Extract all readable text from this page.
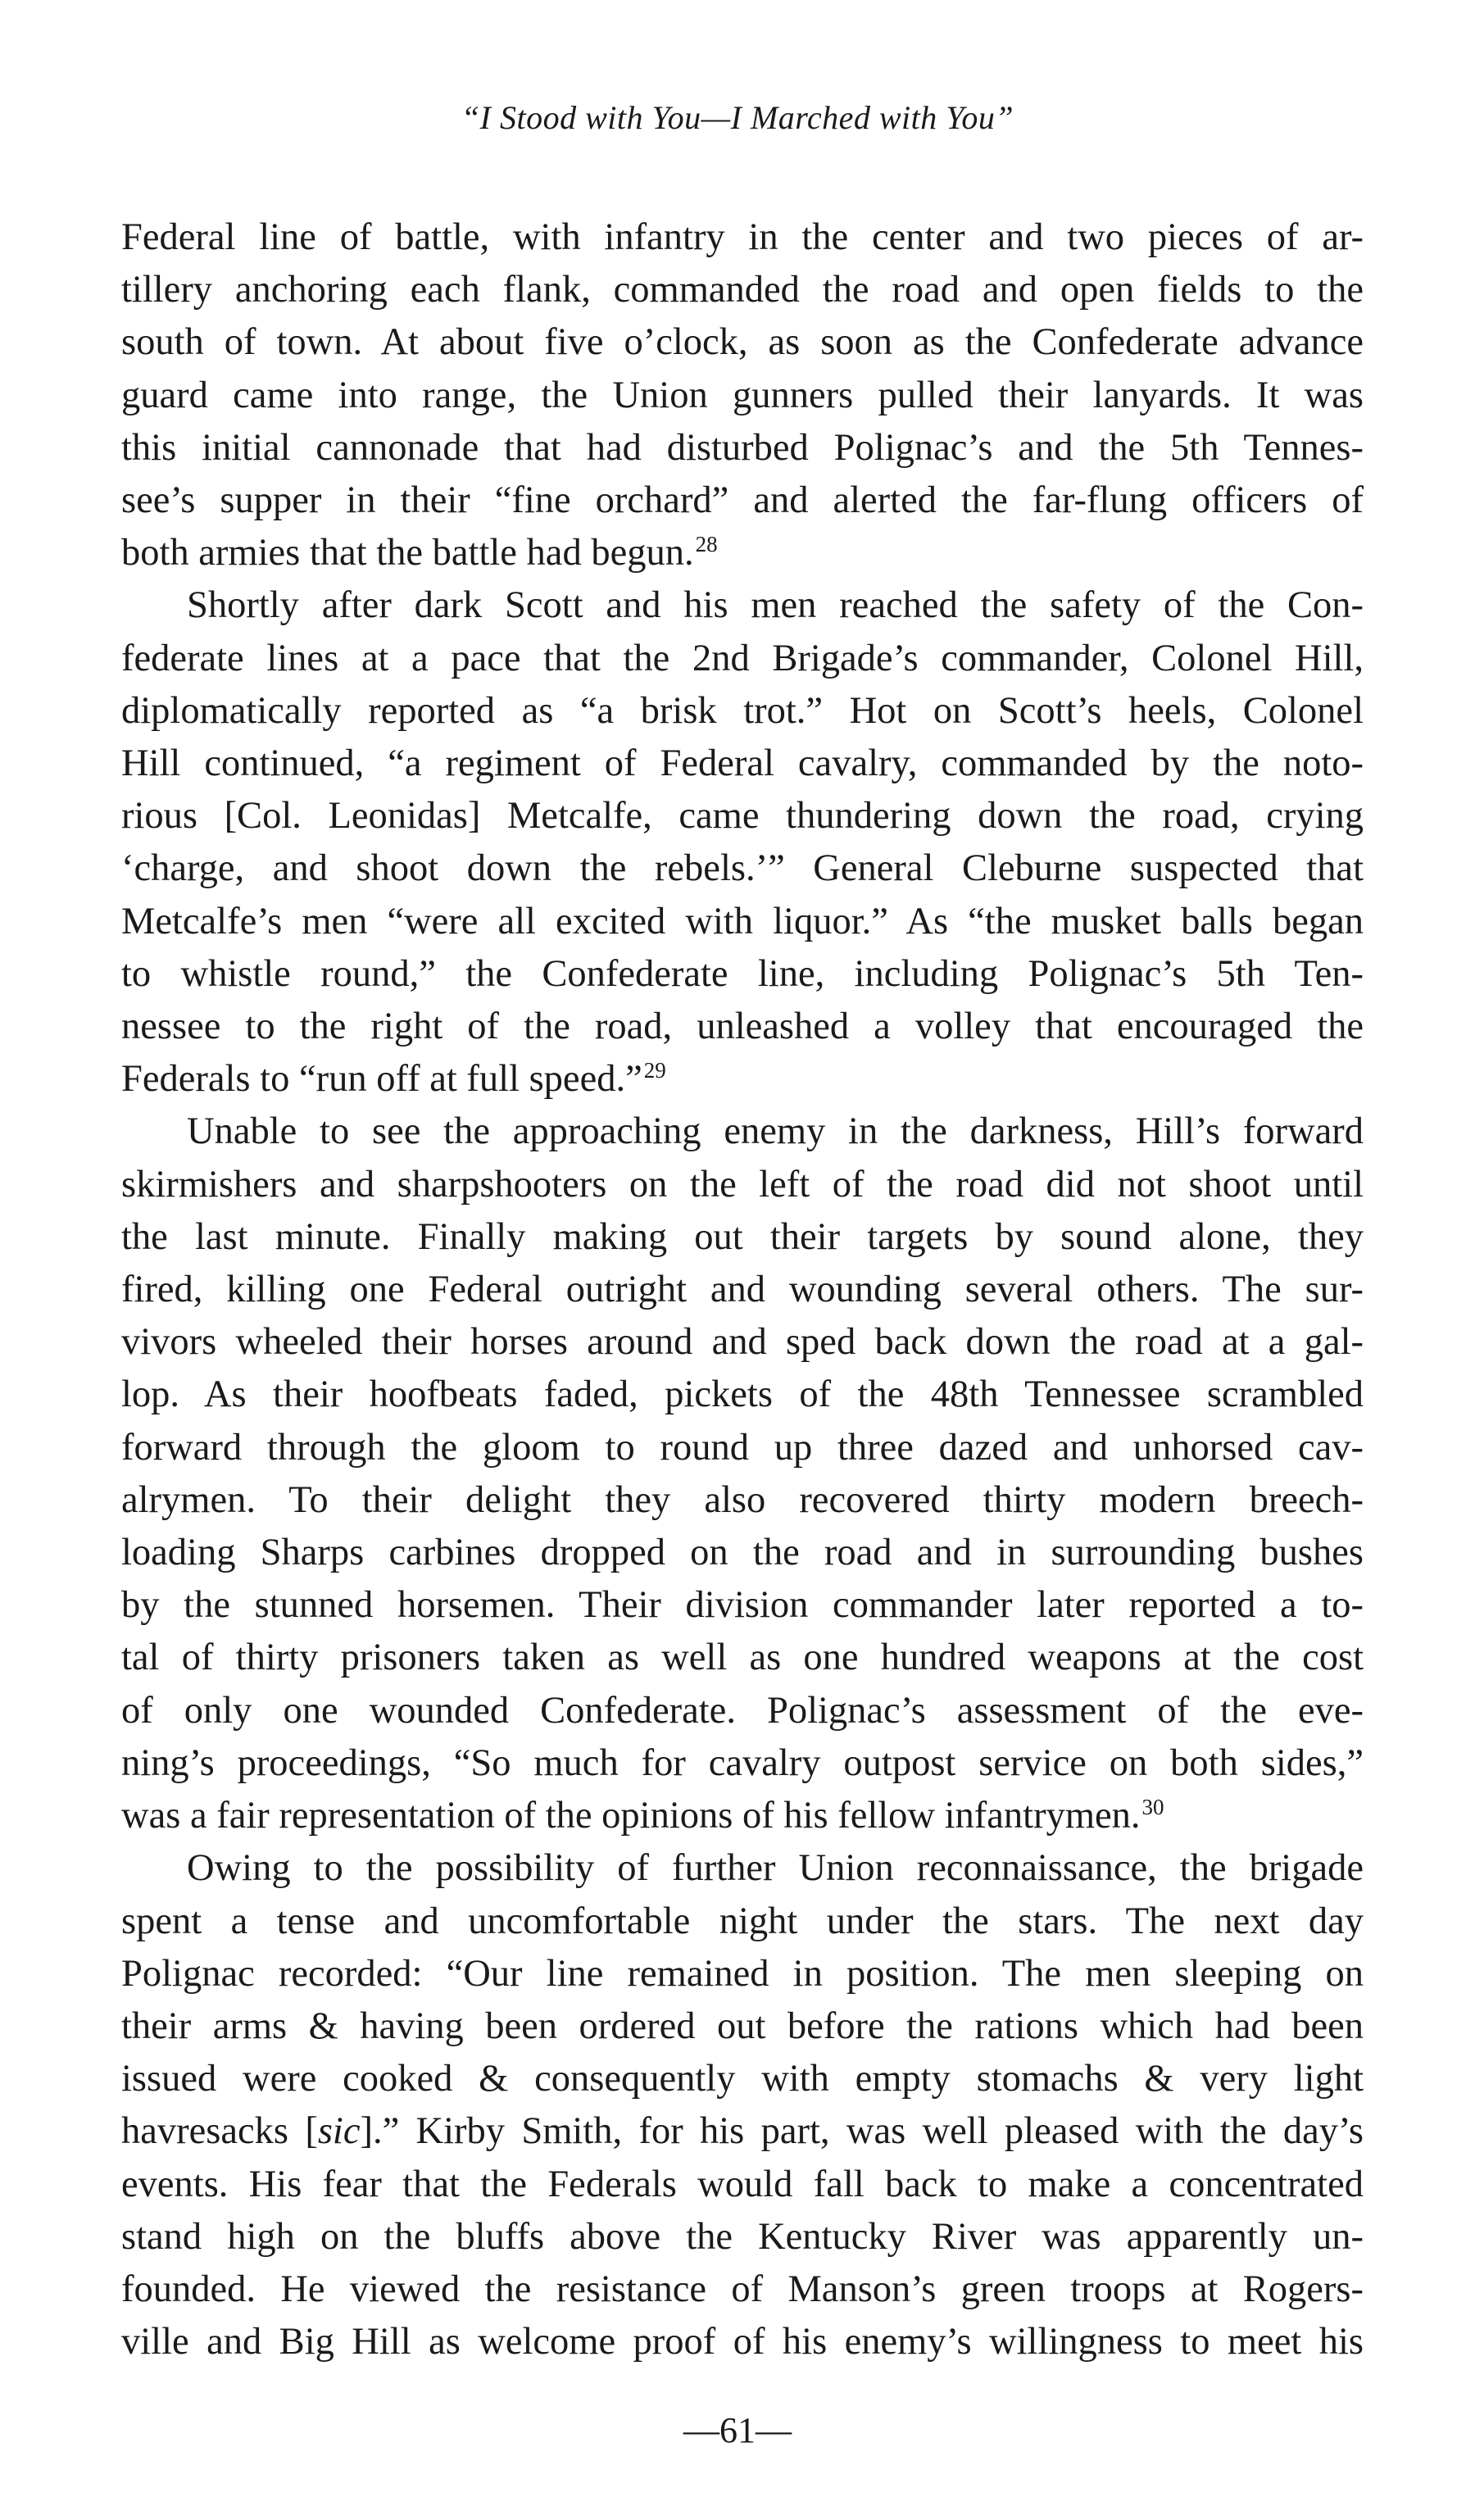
“I Stood with You—I Marched with You”

Federal line of battle, with infantry in the center and two pieces of ar-
tillery anchoring each flank, commanded the road and open fields to the
south of town. At about five o’clock, as soon as the Confederate advance
guard came into range, the Union gunners pulled their lanyards. It was
this initial cannonade that had disturbed Polignac’s and the 5th Tennes-
see’s supper in their “fine orchard” and alerted the far-flung officers of
both armies that the battle had begun.$^{28}$

Shortly after dark Scott and his men reached the safety of the Con-
federate lines at a pace that the 2nd Brigade’s commander, Colonel Hill,
diplomatically reported as “a brisk trot.” Hot on Scott’s heels, Colonel
Hill continued, “a regiment of Federal cavalry, commanded by the noto-
rious [Col. Leonidas] Metcalfe, came thundering down the road, crying
‘charge, and shoot down the rebels.’” General Cleburne suspected that
Metcalfe’s men “were all excited with liquor.” As “the musket balls began
to whistle round,” the Confederate line, including Polignac’s 5th Ten-
nessee to the right of the road, unleashed a volley that encouraged the
Federals to “run off at full speed.”$^{29}$

Unable to see the approaching enemy in the darkness, Hill’s forward
skirmishers and sharpshooters on the left of the road did not shoot until
the last minute. Finally making out their targets by sound alone, they
fired, killing one Federal outright and wounding several others. The sur-
vivors wheeled their horses around and sped back down the road at a gal-
lop. As their hoofbeats faded, pickets of the 48th Tennessee scrambled
forward through the gloom to round up three dazed and unhorsed cav-
alrymen. To their delight they also recovered thirty modern breech-
loading Sharps carbines dropped on the road and in surrounding bushes
by the stunned horsemen. Their division commander later reported a to-
tal of thirty prisoners taken as well as one hundred weapons at the cost
of only one wounded Confederate. Polignac’s assessment of the eve-
ning’s proceedings, “So much for cavalry outpost service on both sides,”
was a fair representation of the opinions of his fellow infantrymen.$^{30}$

Owing to the possibility of further Union reconnaissance, the brigade
spent a tense and uncomfortable night under the stars. The next day
Polignac recorded: “Our line remained in position. The men sleeping on
their arms & having been ordered out before the rations which had been
issued were cooked & consequently with empty stomachs & very light
havresacks [sic].” Kirby Smith, for his part, was well pleased with the day’s
events. His fear that the Federals would fall back to make a concentrated
stand high on the bluffs above the Kentucky River was apparently un-
founded. He viewed the resistance of Manson’s green troops at Rogers-
ville and Big Hill as welcome proof of his enemy’s willingness to meet his

—61—
